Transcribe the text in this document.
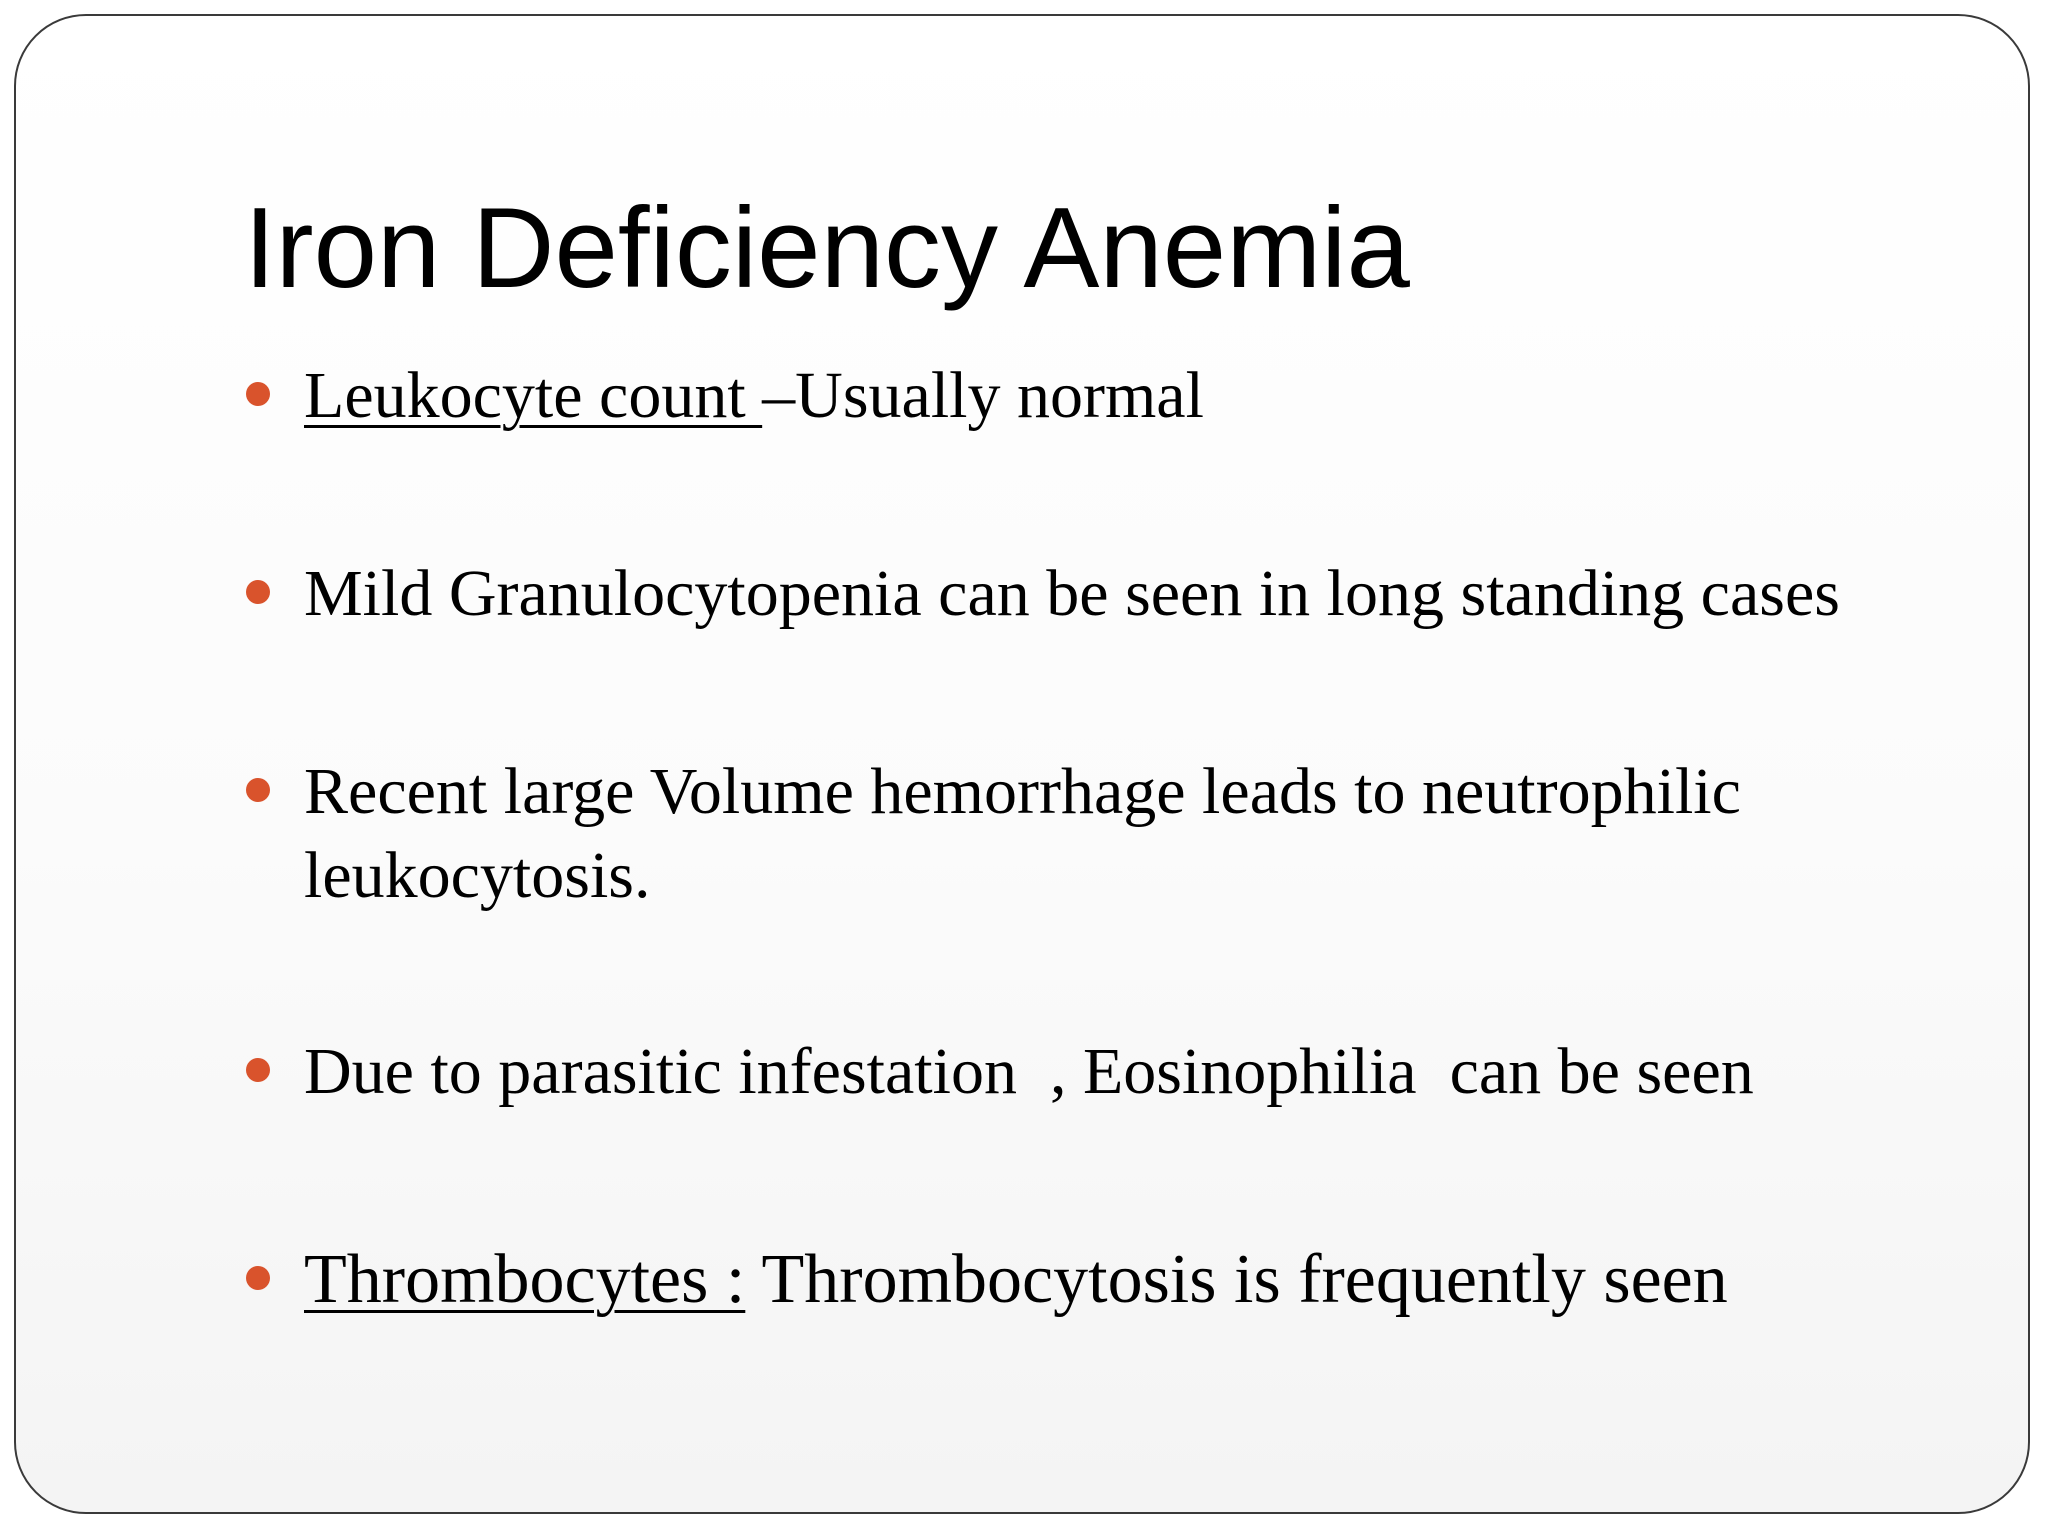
Iron Deficiency Anemia
Leukocyte count –Usually normal
Mild Granulocytopenia can be seen in long standing cases
Recent large Volume hemorrhage leads to neutrophilic leukocytosis.
Due to parasitic infestation  , Eosinophilia  can be seen
Thrombocytes : Thrombocytosis is frequently seen
